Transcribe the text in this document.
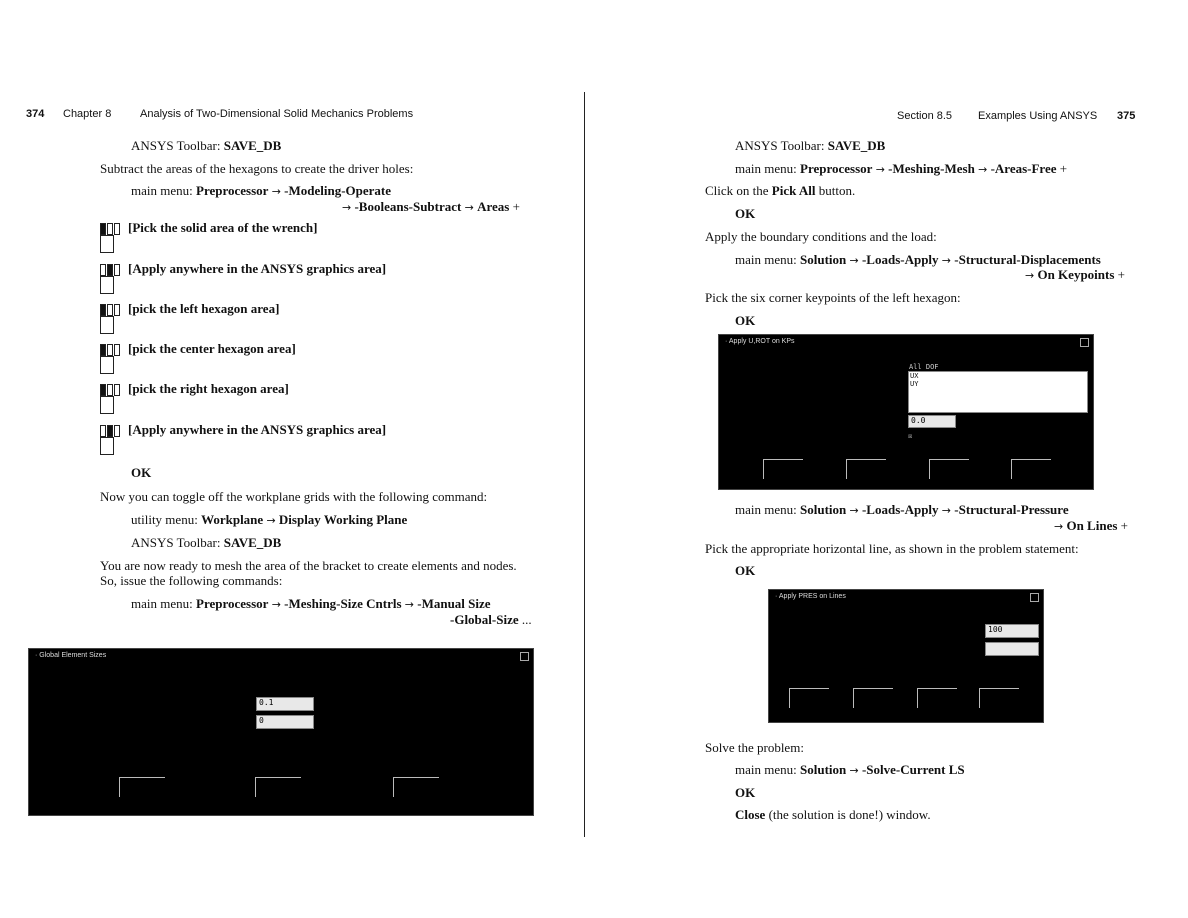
374 Chapter 8	Analysis of Two-Dimensional Solid Mechanics Problems
ANSYS Toolbar: SAVE_DB
Subtract the areas of the hexagons to create the driver holes:
main menu: Preprocessor → -Modeling-Operate
→ -Booleans-Subtract → Areas +
[Pick the solid area of the wrench]
[Apply anywhere in the ANSYS graphics area]
[pick the left hexagon area]
[pick the center hexagon area]
[pick the right hexagon area]
[Apply anywhere in the ANSYS graphics area]
OK
Now you can toggle off the workplane grids with the following command:
utility menu: Workplane → Display Working Plane
ANSYS Toolbar: SAVE_DB
You are now ready to mesh the area of the bracket to create elements and nodes.
So, issue the following commands:
main menu: Preprocessor → -Meshing-Size Cntrls → -Manual Size
-Global-Size ...
· Global Element Sizes
0.1
0
Section 8.5 Examples Using ANSYS 375
ANSYS Toolbar: SAVE_DB
main menu: Preprocessor → -Meshing-Mesh → -Areas-Free +
Click on the Pick All button.
OK
Apply the boundary conditions and the load:
main menu: Solution → -Loads-Apply → -Structural-Displacements
→ On Keypoints +
Pick the six corner keypoints of the left hexagon:
OK
· Apply U,ROT on KPs
All DOF
UX
UY
0.0
☒
main menu: Solution → -Loads-Apply → -Structural-Pressure
→ On Lines +
Pick the appropriate horizontal line, as shown in the problem statement:
OK
· Apply PRES on Lines
100
Solve the problem:
main menu: Solution → -Solve-Current LS
OK
Close (the solution is done!) window.
